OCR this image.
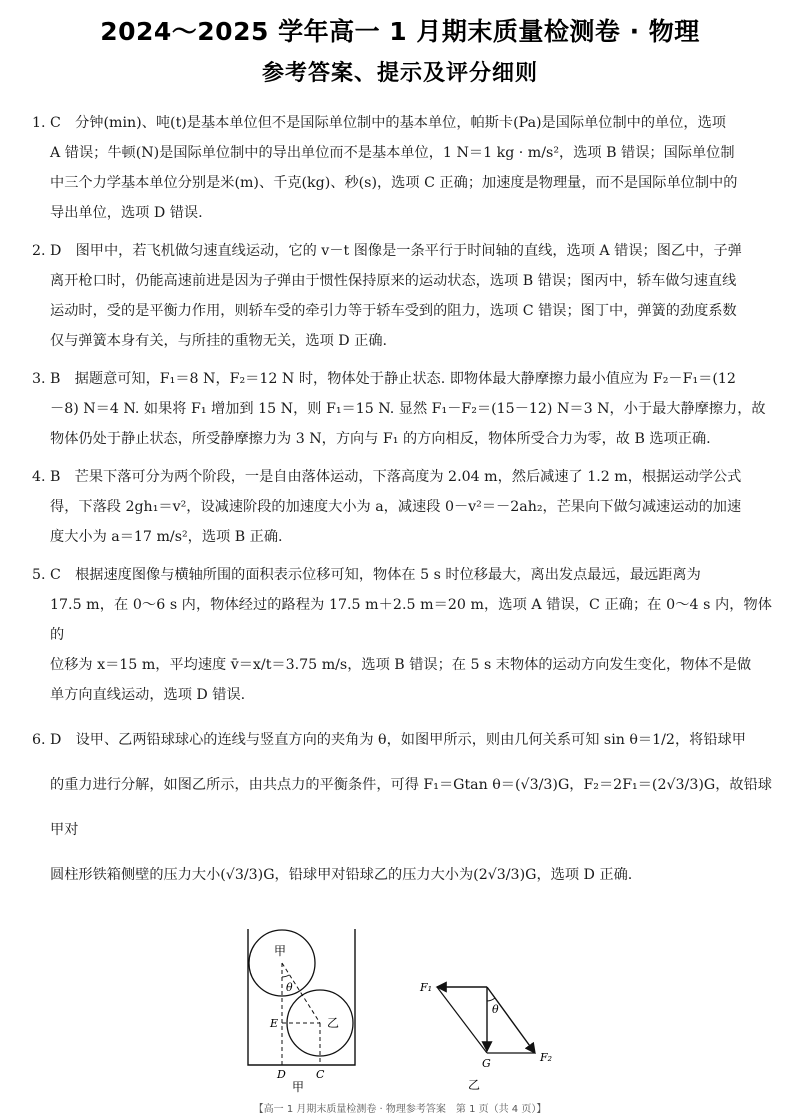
2024～2025 学年高一 1 月期末质量检测卷 · 物理
参考答案、提示及评分细则

1. C　分钟(min)、吨(t)是基本单位但不是国际单位制中的基本单位，帕斯卡(Pa)是国际单位制中的单位，选项

A 错误；牛顿(N)是国际单位制中的导出单位而不是基本单位，1 N＝1 kg · m/s²，选项 B 错误；国际单位制

中三个力学基本单位分别是米(m)、千克(kg)、秒(s)，选项 C 正确；加速度是物理量，而不是国际单位制中的

导出单位，选项 D 错误.

2. D　图甲中，若飞机做匀速直线运动，它的 v－t 图像是一条平行于时间轴的直线，选项 A 错误；图乙中，子弹

离开枪口时，仍能高速前进是因为子弹由于惯性保持原来的运动状态，选项 B 错误；图丙中，轿车做匀速直线

运动时，受的是平衡力作用，则轿车受的牵引力等于轿车受到的阻力，选项 C 错误；图丁中，弹簧的劲度系数

仅与弹簧本身有关，与所挂的重物无关，选项 D 正确.

3. B　据题意可知，F₁＝8 N，F₂＝12 N 时，物体处于静止状态. 即物体最大静摩擦力最小值应为 F₂－F₁＝(12

－8) N＝4 N. 如果将 F₁ 增加到 15 N，则 F₁＝15 N. 显然 F₁－F₂＝(15－12) N＝3 N，小于最大静摩擦力，故

物体仍处于静止状态，所受静摩擦力为 3 N，方向与 F₁ 的方向相反，物体所受合力为零，故 B 选项正确.

4. B　芒果下落可分为两个阶段，一是自由落体运动，下落高度为 2.04 m，然后减速了 1.2 m，根据运动学公式

得，下落段 2gh₁＝v²，设减速阶段的加速度大小为 a，减速段 0－v²＝－2ah₂，芒果向下做匀减速运动的加速

度大小为 a＝17 m/s²，选项 B 正确.

5. C　根据速度图像与横轴所围的面积表示位移可知，物体在 5 s 时位移最大，离出发点最远，最远距离为

17.5 m，在 0～6 s 内，物体经过的路程为 17.5 m＋2.5 m＝20 m，选项 A 错误，C 正确；在 0～4 s 内，物体的

位移为 x＝15 m，平均速度 v̄＝x/t＝3.75 m/s，选项 B 错误；在 5 s 末物体的运动方向发生变化，物体不是做

单方向直线运动，选项 D 错误.

6. D　设甲、乙两铅球球心的连线与竖直方向的夹角为 θ，如图甲所示，则由几何关系可知 sin θ＝1/2，将铅球甲

的重力进行分解，如图乙所示，由共点力的平衡条件，可得 F₁＝Gtan θ＝(√3/3)G，F₂＝2F₁＝(2√3/3)G，故铅球甲对

圆柱形铁箱侧壁的压力大小(√3/3)G，铅球甲对铅球乙的压力大小为(2√3/3)G，选项 D 正确.

甲
乙
θ
E
D	C
甲
F₁
F₂
θ
G
乙
【高一 1 月期末质量检测卷 · 物理参考答案　第 1 页（共 4 页）】
